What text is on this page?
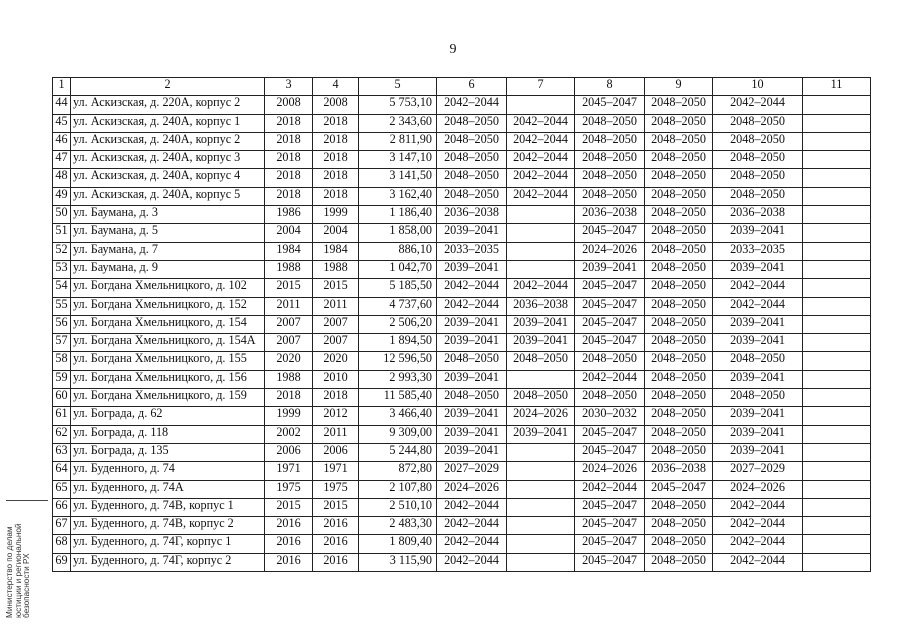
9
1	2	3	4	5	6	7	8	9	10	11
44	ул. Аскизская, д. 220А, корпус 2	2008	2008	5 753,10	2042–2044		2045–2047	2048–2050	2042–2044	
45	ул. Аскизская, д. 240А, корпус 1	2018	2018	2 343,60	2048–2050	2042–2044	2048–2050	2048–2050	2048–2050	
46	ул. Аскизская, д. 240А, корпус 2	2018	2018	2 811,90	2048–2050	2042–2044	2048–2050	2048–2050	2048–2050	
47	ул. Аскизская, д. 240А, корпус 3	2018	2018	3 147,10	2048–2050	2042–2044	2048–2050	2048–2050	2048–2050	
48	ул. Аскизская, д. 240А, корпус 4	2018	2018	3 141,50	2048–2050	2042–2044	2048–2050	2048–2050	2048–2050	
49	ул. Аскизская, д. 240А, корпус 5	2018	2018	3 162,40	2048–2050	2042–2044	2048–2050	2048–2050	2048–2050	
50	ул. Баумана, д. 3	1986	1999	1 186,40	2036–2038		2036–2038	2048–2050	2036–2038	
51	ул. Баумана, д. 5	2004	2004	1 858,00	2039–2041		2045–2047	2048–2050	2039–2041	
52	ул. Баумана, д. 7	1984	1984	886,10	2033–2035		2024–2026	2048–2050	2033–2035	
53	ул. Баумана, д. 9	1988	1988	1 042,70	2039–2041		2039–2041	2048–2050	2039–2041	
54	ул. Богдана Хмельницкого, д. 102	2015	2015	5 185,50	2042–2044	2042–2044	2045–2047	2048–2050	2042–2044	
55	ул. Богдана Хмельницкого, д. 152	2011	2011	4 737,60	2042–2044	2036–2038	2045–2047	2048–2050	2042–2044	
56	ул. Богдана Хмельницкого, д. 154	2007	2007	2 506,20	2039–2041	2039–2041	2045–2047	2048–2050	2039–2041	
57	ул. Богдана Хмельницкого, д. 154А	2007	2007	1 894,50	2039–2041	2039–2041	2045–2047	2048–2050	2039–2041	
58	ул. Богдана Хмельницкого, д. 155	2020	2020	12 596,50	2048–2050	2048–2050	2048–2050	2048–2050	2048–2050	
59	ул. Богдана Хмельницкого, д. 156	1988	2010	2 993,30	2039–2041		2042–2044	2048–2050	2039–2041	
60	ул. Богдана Хмельницкого, д. 159	2018	2018	11 585,40	2048–2050	2048–2050	2048–2050	2048–2050	2048–2050	
61	ул. Бограда, д. 62	1999	2012	3 466,40	2039–2041	2024–2026	2030–2032	2048–2050	2039–2041	
62	ул. Бограда, д. 118	2002	2011	9 309,00	2039–2041	2039–2041	2045–2047	2048–2050	2039–2041	
63	ул. Бограда, д. 135	2006	2006	5 244,80	2039–2041		2045–2047	2048–2050	2039–2041	
64	ул. Буденного, д. 74	1971	1971	872,80	2027–2029		2024–2026	2036–2038	2027–2029	
65	ул. Буденного, д. 74А	1975	1975	2 107,80	2024–2026		2042–2044	2045–2047	2024–2026	
66	ул. Буденного, д. 74В, корпус 1	2015	2015	2 510,10	2042–2044		2045–2047	2048–2050	2042–2044	
67	ул. Буденного, д. 74В, корпус 2	2016	2016	2 483,30	2042–2044		2045–2047	2048–2050	2042–2044	
68	ул. Буденного, д. 74Г, корпус 1	2016	2016	1 809,40	2042–2044		2045–2047	2048–2050	2042–2044	
69	ул. Буденного, д. 74Г, корпус 2	2016	2016	3 115,90	2042–2044		2045–2047	2048–2050	2042–2044	
Министерство по делам юстиции и региональной безопасности РХ
